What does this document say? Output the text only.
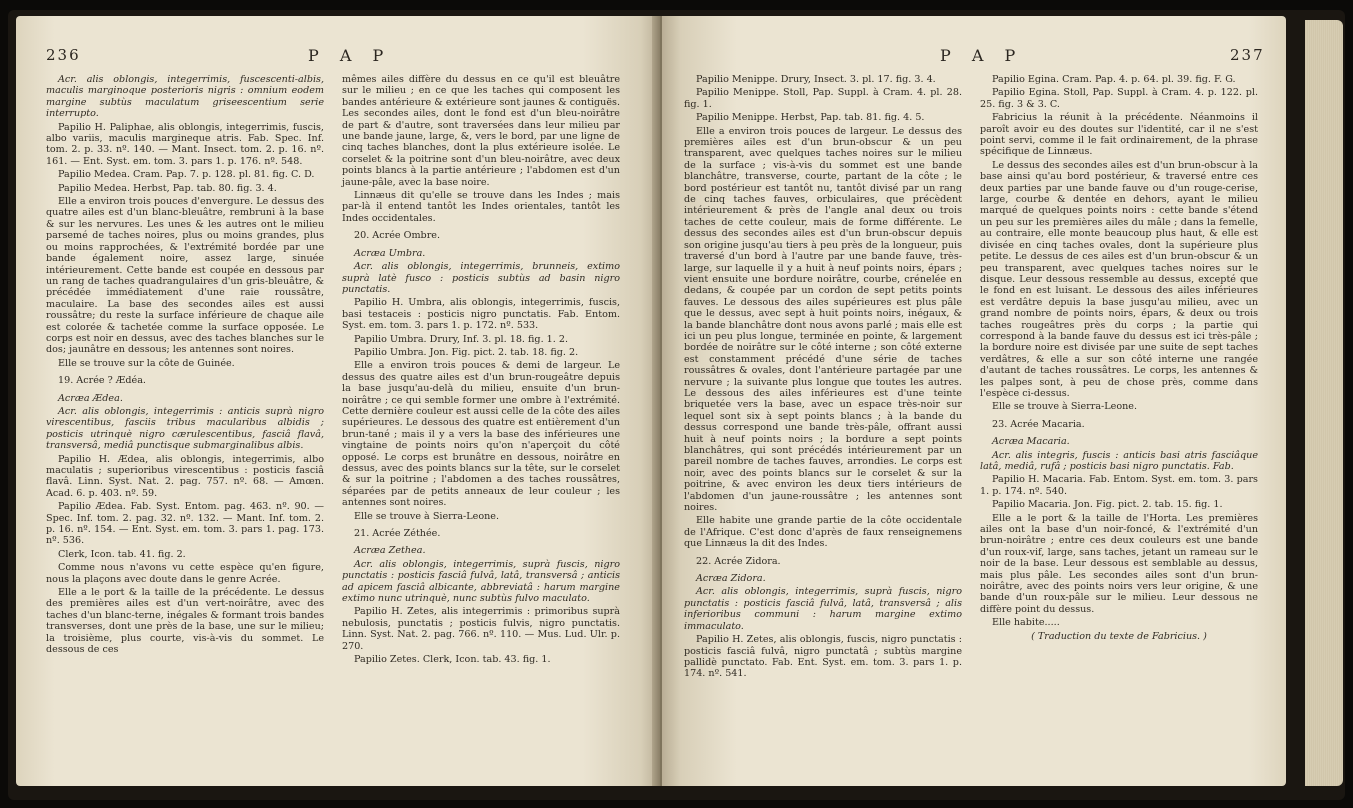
236	P A P

Acr. alis oblongis, integerrimis, fuscescenti-albis, maculis marginoque posterioris nigris : omnium eodem margine subtùs maculatum griseescentium serie interrupto.

Papilio H. Paliphae, alis oblongis, integerrimis, fuscis, albo variis, maculis margineque atris. Fab. Spec. Inf. tom. 2. p. 33. nº. 140. — Mant. Insect. tom. 2. p. 16. nº. 161. — Ent. Syst. em. tom. 3. pars 1. p. 176. nº. 548.

Papilio Medea. Cram. Pap. 7. p. 128. pl. 81. fig. C. D.

Papilio Medea. Herbst, Pap. tab. 80. fig. 3. 4.

Elle a environ trois pouces d'envergure. Le dessus des quatre ailes est d'un blanc-bleuâtre, rembruni à la base & sur les nervures. Les unes & les autres ont le milieu parsemé de taches noires, plus ou moins grandes, plus ou moins rapprochées, & l'extrémité bordée par une bande également noire, assez large, sinuée intérieurement. Cette bande est coupée en dessous par un rang de taches quadrangulaires d'un gris-bleuâtre, & précédée immédiatement d'une raie roussâtre, maculaire. La base des secondes ailes est aussi roussâtre; du reste la surface inférieure de chaque aile est colorée & tachetée comme la surface opposée. Le corps est noir en dessus, avec des taches blanches sur le dos; jaunâtre en dessous; les antennes sont noires.

Elle se trouve sur la côte de Guinée.

19. Acrée ? Ædéa.

Acræa Ædea.

Acr. alis oblongis, integerrimis : anticis suprà nigro virescentibus, fasciis tribus macularibus albidis ; posticis utrinquè nigro cærulescentibus, fasciâ flavâ, transversâ, mediâ punctisque submarginalibus albis.

Papilio H. Ædea, alis oblongis, integerrimis, albo maculatis ; superioribus virescentibus : posticis fasciâ flavâ. Linn. Syst. Nat. 2. pag. 757. nº. 68. — Amœn. Acad. 6. p. 403. nº. 59.

Papilio Ædea. Fab. Syst. Entom. pag. 463. nº. 90. — Spec. Inf. tom. 2. pag. 32. nº. 132. — Mant. Inf. tom. 2. p. 16. nº. 154. — Ent. Syst. em. tom. 3. pars 1. pag. 173. nº. 536.

Clerk, Icon. tab. 41. fig. 2.

Comme nous n'avons vu cette espèce qu'en figure, nous la plaçons avec doute dans le genre Acrée.

Elle a le port & la taille de la précédente. Le dessus des premières ailes est d'un vert-noirâtre, avec des taches d'un blanc-terne, inégales & formant trois bandes transverses, dont une près de la base, une sur le milieu; la troisième, plus courte, vis-à-vis du sommet. Le dessous de ces

mêmes ailes diffère du dessus en ce qu'il est bleuâtre sur le milieu ; en ce que les taches qui composent les bandes antérieure & extérieure sont jaunes & contiguës. Les secondes ailes, dont le fond est d'un bleu-noirâtre de part & d'autre, sont traversées dans leur milieu par une bande jaune, large, &, vers le bord, par une ligne de cinq taches blanches, dont la plus extérieure isolée. Le corselet & la poitrine sont d'un bleu-noirâtre, avec deux points blancs à la partie antérieure ; l'abdomen est d'un jaune-pâle, avec la base noire.

Linnæus dit qu'elle se trouve dans les Indes ; mais par-là il entend tantôt les Indes orientales, tantôt les Indes occidentales.

20. Acrée Ombre.

Acræa Umbra.

Acr. alis oblongis, integerrimis, brunneis, extimo suprà latè fusco : posticis subtùs ad basin nigro punctatis.

Papilio H. Umbra, alis oblongis, integerrimis, fuscis, basi testaceis : posticis nigro punctatis. Fab. Entom. Syst. em. tom. 3. pars 1. p. 172. nº. 533.

Papilio Umbra. Drury, Inf. 3. pl. 18. fig. 1. 2.

Papilio Umbra. Jon. Fig. pict. 2. tab. 18. fig. 2.

Elle a environ trois pouces & demi de largeur. Le dessus des quatre ailes est d'un brun-rougeâtre depuis la base jusqu'au-delà du milieu, ensuite d'un brun-noirâtre ; ce qui semble former une ombre à l'extrémité. Cette dernière couleur est aussi celle de la côte des ailes supérieures. Le dessous des quatre est entièrement d'un brun-tané ; mais il y a vers la base des inférieures une vingtaine de points noirs qu'on n'aperçoit du côté opposé. Le corps est brunâtre en dessous, noirâtre en dessus, avec des points blancs sur la tête, sur le corselet & sur la poitrine ; l'abdomen a des taches roussâtres, séparées par de petits anneaux de leur couleur ; les antennes sont noires.

Elle se trouve à Sierra-Leone.

21. Acrée Zéthée.

Acræa Zethea.

Acr. alis oblongis, integerrimis, suprà fuscis, nigro punctatis : posticis fasciâ fulvâ, latâ, transversâ ; anticis ad apicem fasciâ albicante, abbreviatâ : harum margine extimo nunc utrinquè, nunc subtùs fulvo maculato.

Papilio H. Zetes, alis integerrimis : primoribus suprà nebulosis, punctatis ; posticis fulvis, nigro punctatis. Linn. Syst. Nat. 2. pag. 766. nº. 110. — Mus. Lud. Ulr. p. 270.

Papilio Zetes. Clerk, Icon. tab. 43. fig. 1.

P A P	237

Papilio Menippe. Drury, Insect. 3. pl. 17. fig. 3. 4.

Papilio Menippe. Stoll, Pap. Suppl. à Cram. 4. pl. 28. fig. 1.

Papilio Menippe. Herbst, Pap. tab. 81. fig. 4. 5.

Elle a environ trois pouces de largeur. Le dessus des premières ailes est d'un brun-obscur & un peu transparent, avec quelques taches noires sur le milieu de la surface ; vis-à-vis du sommet est une bande blanchâtre, transverse, courte, partant de la côte ; le bord postérieur est tantôt nu, tantôt divisé par un rang de cinq taches fauves, orbiculaires, que précèdent intérieurement & près de l'angle anal deux ou trois taches de cette couleur, mais de forme différente. Le dessus des secondes ailes est d'un brun-obscur depuis son origine jusqu'au tiers à peu près de la longueur, puis traversé d'un bord à l'autre par une bande fauve, très-large, sur laquelle il y a huit à neuf points noirs, épars ; vient ensuite une bordure noirâtre, courbe, crénelée en dedans, & coupée par un cordon de sept petits points fauves. Le dessous des ailes supérieures est plus pâle que le dessus, avec sept à huit points noirs, inégaux, & la bande blanchâtre dont nous avons parlé ; mais elle est ici un peu plus longue, terminée en pointe, & largement bordée de noirâtre sur le côté interne ; son côté externe est constamment précédé d'une série de taches roussâtres & ovales, dont l'antérieure partagée par une nervure ; la suivante plus longue que toutes les autres. Le dessous des ailes inférieures est d'une teinte briquetée vers la base, avec un espace très-noir sur lequel sont six à sept points blancs ; à la bande du dessus correspond une bande très-pâle, offrant aussi huit à neuf points noirs ; la bordure a sept points blanchâtres, qui sont précédés intérieurement par un pareil nombre de taches fauves, arrondies. Le corps est noir, avec des points blancs sur le corselet & sur la poitrine, & avec environ les deux tiers intérieurs de l'abdomen d'un jaune-roussâtre ; les antennes sont noires.

Elle habite une grande partie de la côte occidentale de l'Afrique. C'est donc d'après de faux renseignemens que Linnæus la dit des Indes.

22. Acrée Zidora.

Acræa Zidora.

Acr. alis oblongis, integerrimis, suprà fuscis, nigro punctatis : posticis fasciâ fulvâ, latâ, transversâ ; alis inferioribus communi : harum margine extimo immaculato.

Papilio H. Zetes, alis oblongis, fuscis, nigro punctatis : posticis fasciâ fulvâ, nigro punctatâ ; subtùs margine pallidè punctato. Fab. Ent. Syst. em. tom. 3. pars 1. p. 174. nº. 541.

Papilio Egina. Cram. Pap. 4. p. 64. pl. 39. fig. F. G.

Papilio Egina. Stoll, Pap. Suppl. à Cram. 4. p. 122. pl. 25. fig. 3 & 3. C.

Fabricius la réunit à la précédente. Néanmoins il paroît avoir eu des doutes sur l'identité, car il ne s'est point servi, comme il le fait ordinairement, de la phrase spécifique de Linnæus.

Le dessus des secondes ailes est d'un brun-obscur à la base ainsi qu'au bord postérieur, & traversé entre ces deux parties par une bande fauve ou d'un rouge-cerise, large, courbe & dentée en dehors, ayant le milieu marqué de quelques points noirs : cette bande s'étend un peu sur les premières ailes du mâle ; dans la femelle, au contraire, elle monte beaucoup plus haut, & elle est divisée en cinq taches ovales, dont la supérieure plus petite. Le dessus de ces ailes est d'un brun-obscur & un peu transparent, avec quelques taches noires sur le disque. Leur dessous ressemble au dessus, excepté que le fond en est luisant. Le dessous des ailes inférieures est verdâtre depuis la base jusqu'au milieu, avec un grand nombre de points noirs, épars, & deux ou trois taches rougeâtres près du corps ; la partie qui correspond à la bande fauve du dessus est ici très-pâle ; la bordure noire est divisée par une suite de sept taches verdâtres, & elle a sur son côté interne une rangée d'autant de taches roussâtres. Le corps, les antennes & les palpes sont, à peu de chose près, comme dans l'espèce ci-dessus.

Elle se trouve à Sierra-Leone.

23. Acrée Macaria.

Acræa Macaria.

Acr. alis integris, fuscis : anticis basi atris fasciâque latâ, mediâ, rufâ ; posticis basi nigro punctatis. Fab.

Papilio H. Macaria. Fab. Entom. Syst. em. tom. 3. pars 1. p. 174. nº. 540.

Papilio Macaria. Jon. Fig. pict. 2. tab. 15. fig. 1.

Elle a le port & la taille de l'Horta. Les premières ailes ont la base d'un noir-foncé, & l'extrémité d'un brun-noirâtre ; entre ces deux couleurs est une bande d'un roux-vif, large, sans taches, jetant un rameau sur le noir de la base. Leur dessous est semblable au dessus, mais plus pâle. Les secondes ailes sont d'un brun-noirâtre, avec des points noirs vers leur origine, & une bande d'un roux-pâle sur le milieu. Leur dessous ne diffère point du dessus.

Elle habite.....

( Traduction du texte de Fabricius. )
